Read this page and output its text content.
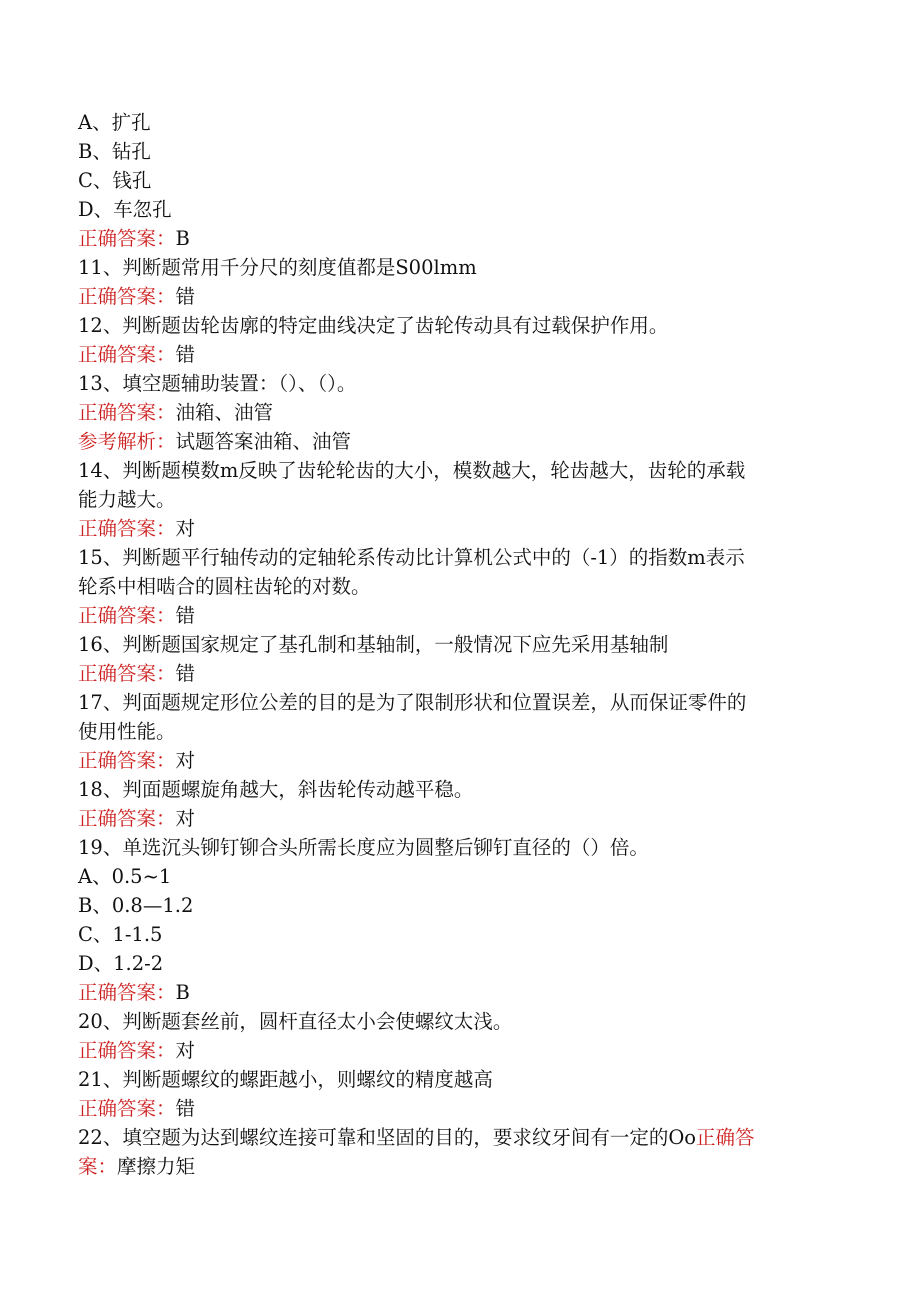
A、扩孔
B、钻孔
C、钱孔
D、车忽孔
正确答案：B
11、判断题常用千分尺的刻度值都是S00lmm
正确答案：错
12、判断题齿轮齿廓的特定曲线决定了齿轮传动具有过载保护作用。
正确答案：错
13、填空题辅助装置：（）、（）。
正确答案：油箱、油管
参考解析：试题答案油箱、油管
14、判断题模数m反映了齿轮轮齿的大小，模数越大，轮齿越大，齿轮的承载
能力越大。
正确答案：对
15、判断题平行轴传动的定轴轮系传动比计算机公式中的（-1）的指数m表示
轮系中相啮合的圆柱齿轮的对数。
正确答案：错
16、判断题国家规定了基孔制和基轴制，一般情况下应先采用基轴制
正确答案：错
17、判面题规定形位公差的目的是为了限制形状和位置误差，从而保证零件的
使用性能。
正确答案：对
18、判面题螺旋角越大，斜齿轮传动越平稳。
正确答案：对
19、单选沉头铆钉铆合头所需长度应为圆整后铆钉直径的（）倍。
A、0.5~1
B、0.8—1.2
C、1-1.5
D、1.2-2
正确答案：B
20、判断题套丝前，圆杆直径太小会使螺纹太浅。
正确答案：对
21、判断题螺纹的螺距越小，则螺纹的精度越高
正确答案：错
22、填空题为达到螺纹连接可靠和坚固的目的，要求纹牙间有一定的Oo正确答
案：摩擦力矩
